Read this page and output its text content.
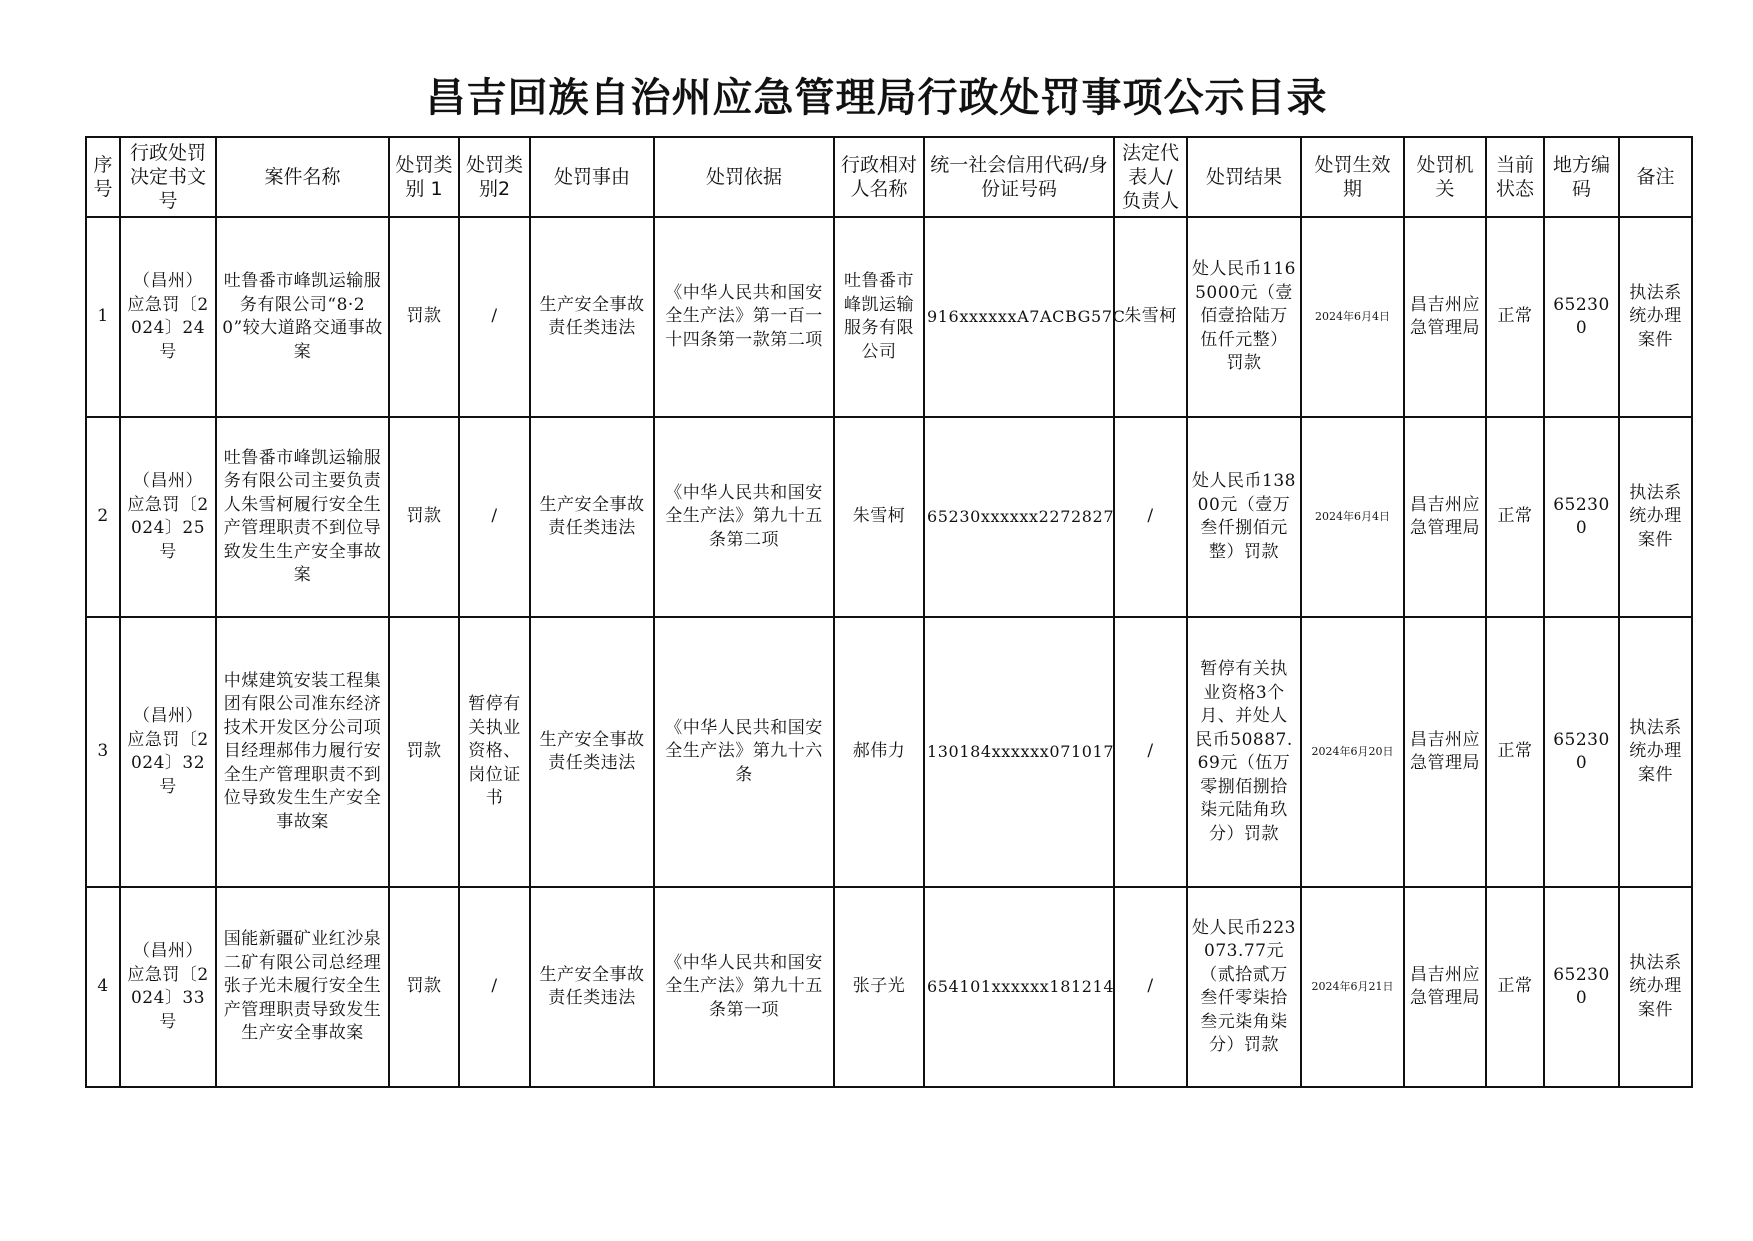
昌吉回族自治州应急管理局行政处罚事项公示目录
序号	行政处罚决定书文号	案件名称	处罚类别 1	处罚类别2	处罚事由	处罚依据	行政相对人名称	统一社会信用代码/身份证号码	法定代表人/负责人	处罚结果	处罚生效期	处罚机关	当前状态	地方编码	备注
1	（昌州）应急罚〔2024〕24号	吐鲁番市峰凯运输服务有限公司“8·20”较大道路交通事故案	罚款	/	生产安全事故责任类违法	《中华人民共和国安全生产法》第一百一十四条第一款第二项	吐鲁番市峰凯运输服务有限公司	916xxxxxxA7ACBG57C	朱雪柯	处人民币1165000元（壹佰壹拾陆万伍仟元整）罚款	2024年6月4日	昌吉州应急管理局	正常	652300	执法系统办理案件
2	（昌州）应急罚〔2024〕25号	吐鲁番市峰凯运输服务有限公司主要负责人朱雪柯履行安全生产管理职责不到位导致发生生产安全事故案	罚款	/	生产安全事故责任类违法	《中华人民共和国安全生产法》第九十五条第二项	朱雪柯	65230xxxxxx2272827	/	处人民币13800元（壹万叁仟捌佰元整）罚款	2024年6月4日	昌吉州应急管理局	正常	652300	执法系统办理案件
3	（昌州）应急罚〔2024〕32号	中煤建筑安装工程集团有限公司准东经济技术开发区分公司项目经理郝伟力履行安全生产管理职责不到位导致发生生产安全事故案	罚款	暂停有关执业资格、岗位证书	生产安全事故责任类违法	《中华人民共和国安全生产法》第九十六条	郝伟力	130184xxxxxx071017	/	暂停有关执业资格3个月、并处人民币50887.69元（伍万零捌佰捌拾柒元陆角玖分）罚款	2024年6月20日	昌吉州应急管理局	正常	652300	执法系统办理案件
4	（昌州）应急罚〔2024〕33号	国能新疆矿业红沙泉二矿有限公司总经理张子光未履行安全生产管理职责导致发生生产安全事故案	罚款	/	生产安全事故责任类违法	《中华人民共和国安全生产法》第九十五条第一项	张子光	654101xxxxxx181214	/	处人民币223073.77元（贰拾贰万叁仟零柒拾叁元柒角柒分）罚款	2024年6月21日	昌吉州应急管理局	正常	652300	执法系统办理案件
